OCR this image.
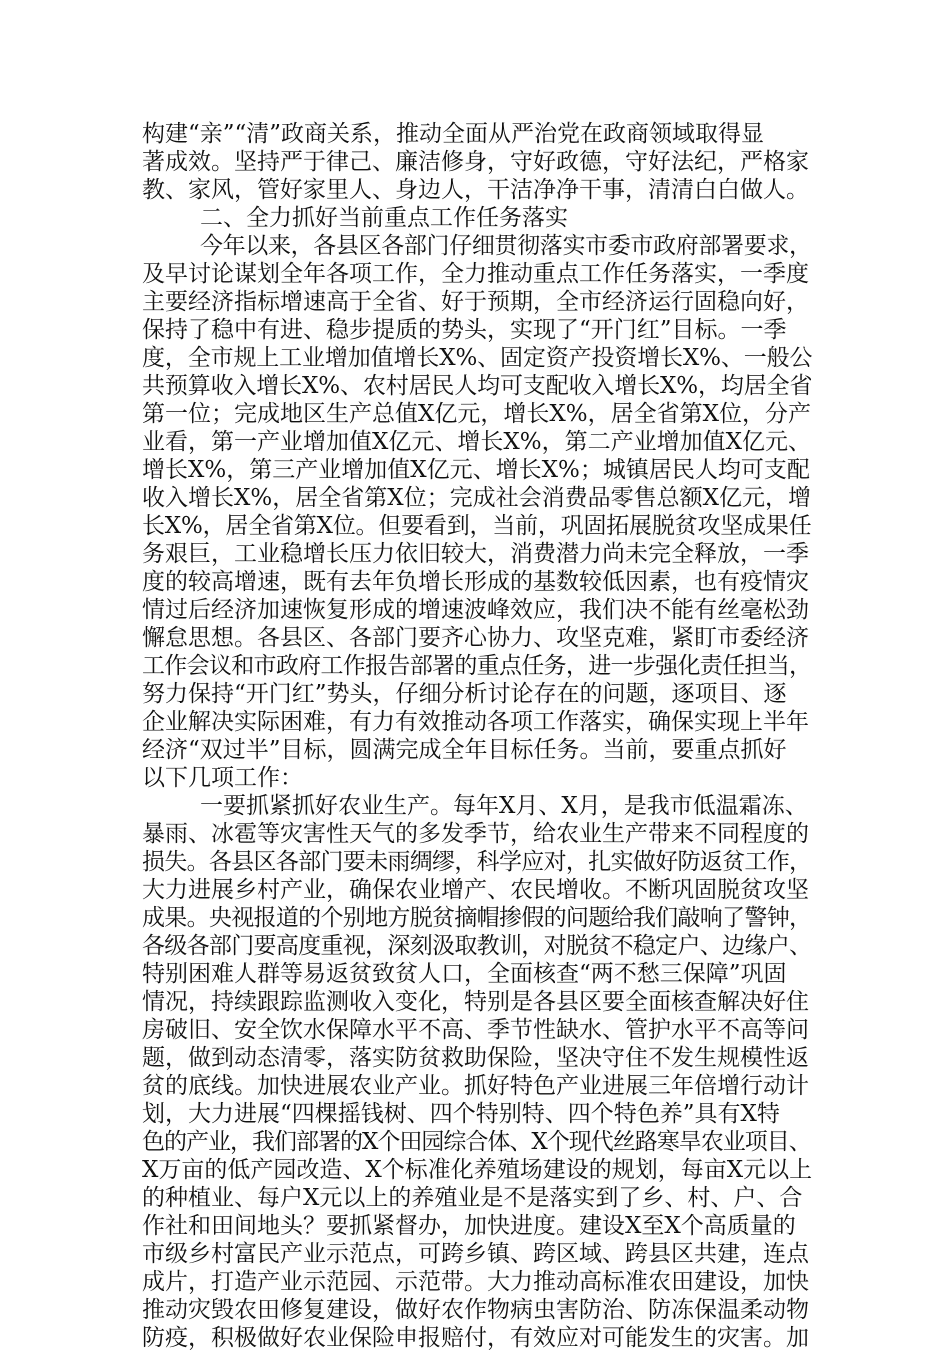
构建“亲”“清”政商关系，推动全面从严治党在政商领域取得显
著成效。坚持严于律己、廉洁修身，守好政德，守好法纪，严格家
教、家风，管好家里人、身边人，干洁净净干事，清清白白做人。
二、全力抓好当前重点工作任务落实
今年以来，各县区各部门仔细贯彻落实市委市政府部署要求，
及早讨论谋划全年各项工作，全力推动重点工作任务落实，一季度
主要经济指标增速高于全省、好于预期，全市经济运行固稳向好，
保持了稳中有进、稳步提质的势头，实现了“开门红”目标。一季
度，全市规上工业增加值增长X%、固定资产投资增长X%、一般公
共预算收入增长X%、农村居民人均可支配收入增长X%，均居全省
第一位；完成地区生产总值X亿元，增长X%，居全省第X位，分产
业看，第一产业增加值X亿元、增长X%，第二产业增加值X亿元、
增长X%，第三产业增加值X亿元、增长X%；城镇居民人均可支配
收入增长X%，居全省第X位；完成社会消费品零售总额X亿元，增
长X%，居全省第X位。但要看到，当前，巩固拓展脱贫攻坚成果任
务艰巨，工业稳增长压力依旧较大，消费潜力尚未完全释放，一季
度的较高增速，既有去年负增长形成的基数较低因素，也有疫情灾
情过后经济加速恢复形成的增速波峰效应，我们决不能有丝毫松劲
懈怠思想。各县区、各部门要齐心协力、攻坚克难，紧盯市委经济
工作会议和市政府工作报告部署的重点任务，进一步强化责任担当，
努力保持“开门红”势头，仔细分析讨论存在的问题，逐项目、逐
企业解决实际困难，有力有效推动各项工作落实，确保实现上半年
经济“双过半”目标，圆满完成全年目标任务。当前，要重点抓好
以下几项工作：
一要抓紧抓好农业生产。每年X月、X月，是我市低温霜冻、
暴雨、冰雹等灾害性天气的多发季节，给农业生产带来不同程度的
损失。各县区各部门要未雨绸缪，科学应对，扎实做好防返贫工作，
大力进展乡村产业，确保农业增产、农民增收。不断巩固脱贫攻坚
成果。央视报道的个别地方脱贫摘帽掺假的问题给我们敲响了警钟，
各级各部门要高度重视，深刻汲取教训，对脱贫不稳定户、边缘户、
特别困难人群等易返贫致贫人口，全面核查“两不愁三保障”巩固
情况，持续跟踪监测收入变化，特别是各县区要全面核查解决好住
房破旧、安全饮水保障水平不高、季节性缺水、管护水平不高等问
题，做到动态清零，落实防贫救助保险，坚决守住不发生规模性返
贫的底线。加快进展农业产业。抓好特色产业进展三年倍增行动计
划，大力进展“四棵摇钱树、四个特别特、四个特色养”具有X特
色的产业，我们部署的X个田园综合体、X个现代丝路寒旱农业项目、
X万亩的低产园改造、X个标准化养殖场建设的规划，每亩X元以上
的种植业、每户X元以上的养殖业是不是落实到了乡、村、户、合
作社和田间地头？要抓紧督办，加快进度。建设X至X个高质量的
市级乡村富民产业示范点，可跨乡镇、跨区域、跨县区共建，连点
成片，打造产业示范园、示范带。大力推动高标准农田建设，加快
推动灾毁农田修复建设，做好农作物病虫害防治、防冻保温柔动物
防疫，积极做好农业保险申报赔付，有效应对可能发生的灾害。加
